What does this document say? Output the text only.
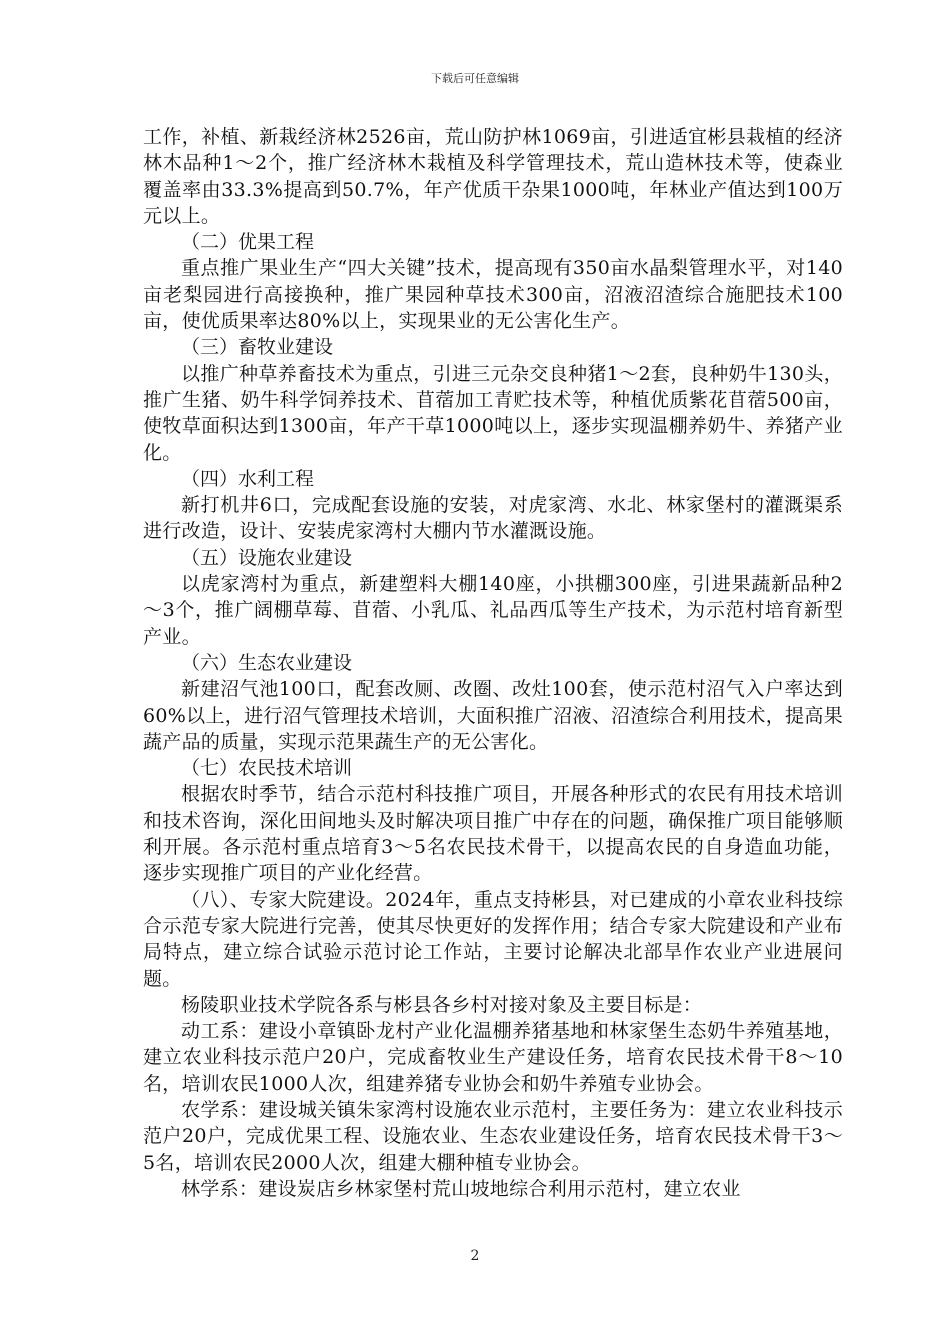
下载后可任意编辑

工作，补植、新栽经济林2526亩，荒山防护林1069亩，引进适宜彬县栽植的经济林木品种1～2个，推广经济林木栽植及科学管理技术，荒山造林技术等，使森业覆盖率由33.3%提高到50.7%，年产优质干杂果1000吨，年林业产值达到100万元以上。

（二）优果工程

重点推广果业生产“四大关键”技术，提高现有350亩水晶梨管理水平，对140亩老梨园进行高接换种，推广果园种草技术300亩，沼液沼渣综合施肥技术100亩，使优质果率达80%以上，实现果业的无公害化生产。

（三）畜牧业建设

以推广种草养畜技术为重点，引进三元杂交良种猪1～2套，良种奶牛130头，推广生猪、奶牛科学饲养技术、苜蓿加工青贮技术等，种植优质紫花苜蓿500亩，使牧草面积达到1300亩，年产干草1000吨以上，逐步实现温棚养奶牛、养猪产业化。

（四）水利工程

新打机井6口，完成配套设施的安装，对虎家湾、水北、林家堡村的灌溉渠系进行改造，设计、安装虎家湾村大棚内节水灌溉设施。

（五）设施农业建设

以虎家湾村为重点，新建塑料大棚140座，小拱棚300座，引进果蔬新品种2～3个，推广阔棚草莓、苜蓿、小乳瓜、礼品西瓜等生产技术，为示范村培育新型产业。

（六）生态农业建设

新建沼气池100口，配套改厕、改圈、改灶100套，使示范村沼气入户率达到60%以上，进行沼气管理技术培训，大面积推广沼液、沼渣综合利用技术，提高果蔬产品的质量，实现示范果蔬生产的无公害化。

（七）农民技术培训

根据农时季节，结合示范村科技推广项目，开展各种形式的农民有用技术培训和技术咨询，深化田间地头及时解决项目推广中存在的问题，确保推广项目能够顺利开展。各示范村重点培育3～5名农民技术骨干，以提高农民的自身造血功能，逐步实现推广项目的产业化经营。

（八）、专家大院建设。2024年，重点支持彬县，对已建成的小章农业科技综合示范专家大院进行完善，使其尽快更好的发挥作用；结合专家大院建设和产业布局特点，建立综合试验示范讨论工作站，主要讨论解决北部旱作农业产业进展问题。

杨陵职业技术学院各系与彬县各乡村对接对象及主要目标是：

动工系：建设小章镇卧龙村产业化温棚养猪基地和林家堡生态奶牛养殖基地，建立农业科技示范户20户，完成畜牧业生产建设任务，培育农民技术骨干8～10名，培训农民1000人次，组建养猪专业协会和奶牛养殖专业协会。

农学系：建设城关镇朱家湾村设施农业示范村，主要任务为：建立农业科技示范户20户，完成优果工程、设施农业、生态农业建设任务，培育农民技术骨干3～5名，培训农民2000人次，组建大棚种植专业协会。

林学系：建设炭店乡林家堡村荒山坡地综合利用示范村，建立农业

2
